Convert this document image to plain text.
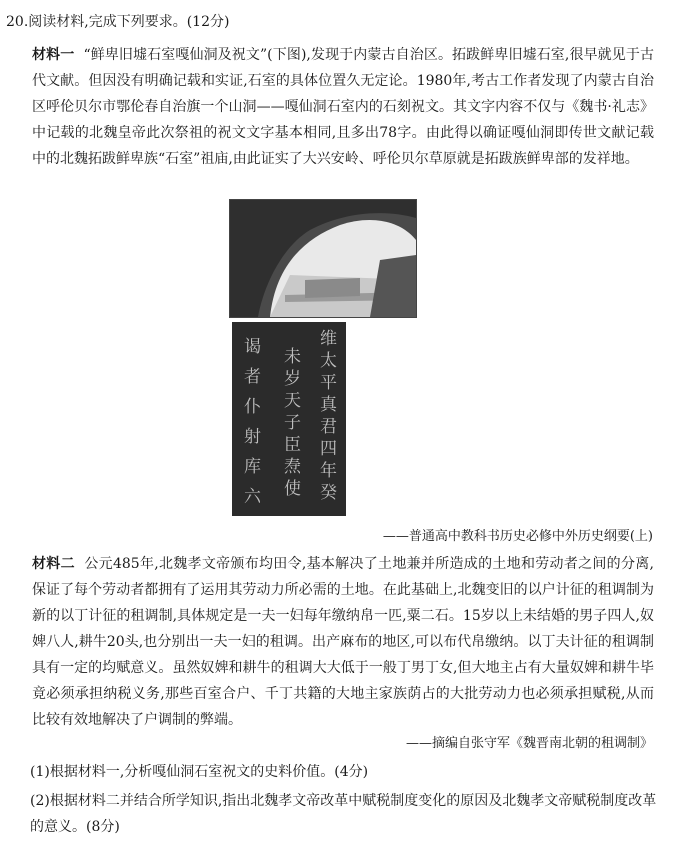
20.阅读材料,完成下列要求。(12分)
材料一 “鲜卑旧墟石室嘎仙洞及祝文”(下图),发现于内蒙古自治区。拓跋鲜卑旧墟石室,很早就见于古代文献。但因没有明确记载和实证,石室的具体位置久无定论。1980年,考古工作者发现了内蒙古自治区呼伦贝尔市鄂伦春自治旗一个山洞——嘎仙洞石室内的石刻祝文。其文字内容不仅与《魏书·礼志》中记载的北魏皇帝此次祭祖的祝文文字基本相同,且多出78字。由此得以确证嘎仙洞即传世文献记载中的北魏拓跋鲜卑族“石室”祖庙,由此证实了大兴安岭、呼伦贝尔草原就是拓跋族鲜卑部的发祥地。
维
太
平
真
君
四
年
癸
未
岁
天
子
臣
焘
使
谒
者
仆
射
库
六
——普通高中教科书历史必修中外历史纲要(上)
材料二 公元485年,北魏孝文帝颁布均田令,基本解决了土地兼并所造成的土地和劳动者之间的分离,保证了每个劳动者都拥有了运用其劳动力所必需的土地。在此基础上,北魏变旧的以户计征的租调制为新的以丁计征的租调制,具体规定是一夫一妇每年缴纳帛一匹,粟二石。15岁以上未结婚的男子四人,奴婢八人,耕牛20头,也分别出一夫一妇的租调。出产麻布的地区,可以布代帛缴纳。以丁夫计征的租调制具有一定的均赋意义。虽然奴婢和耕牛的租调大大低于一般丁男丁女,但大地主占有大量奴婢和耕牛毕竟必须承担纳税义务,那些百室合户、千丁共籍的大地主家族荫占的大批劳动力也必须承担赋税,从而比较有效地解决了户调制的弊端。
——摘编自张守军《魏晋南北朝的租调制》
(1)根据材料一,分析嘎仙洞石室祝文的史料价值。(4分)
(2)根据材料二并结合所学知识,指出北魏孝文帝改革中赋税制度变化的原因及北魏孝文帝赋税制度改革的意义。(8分)
